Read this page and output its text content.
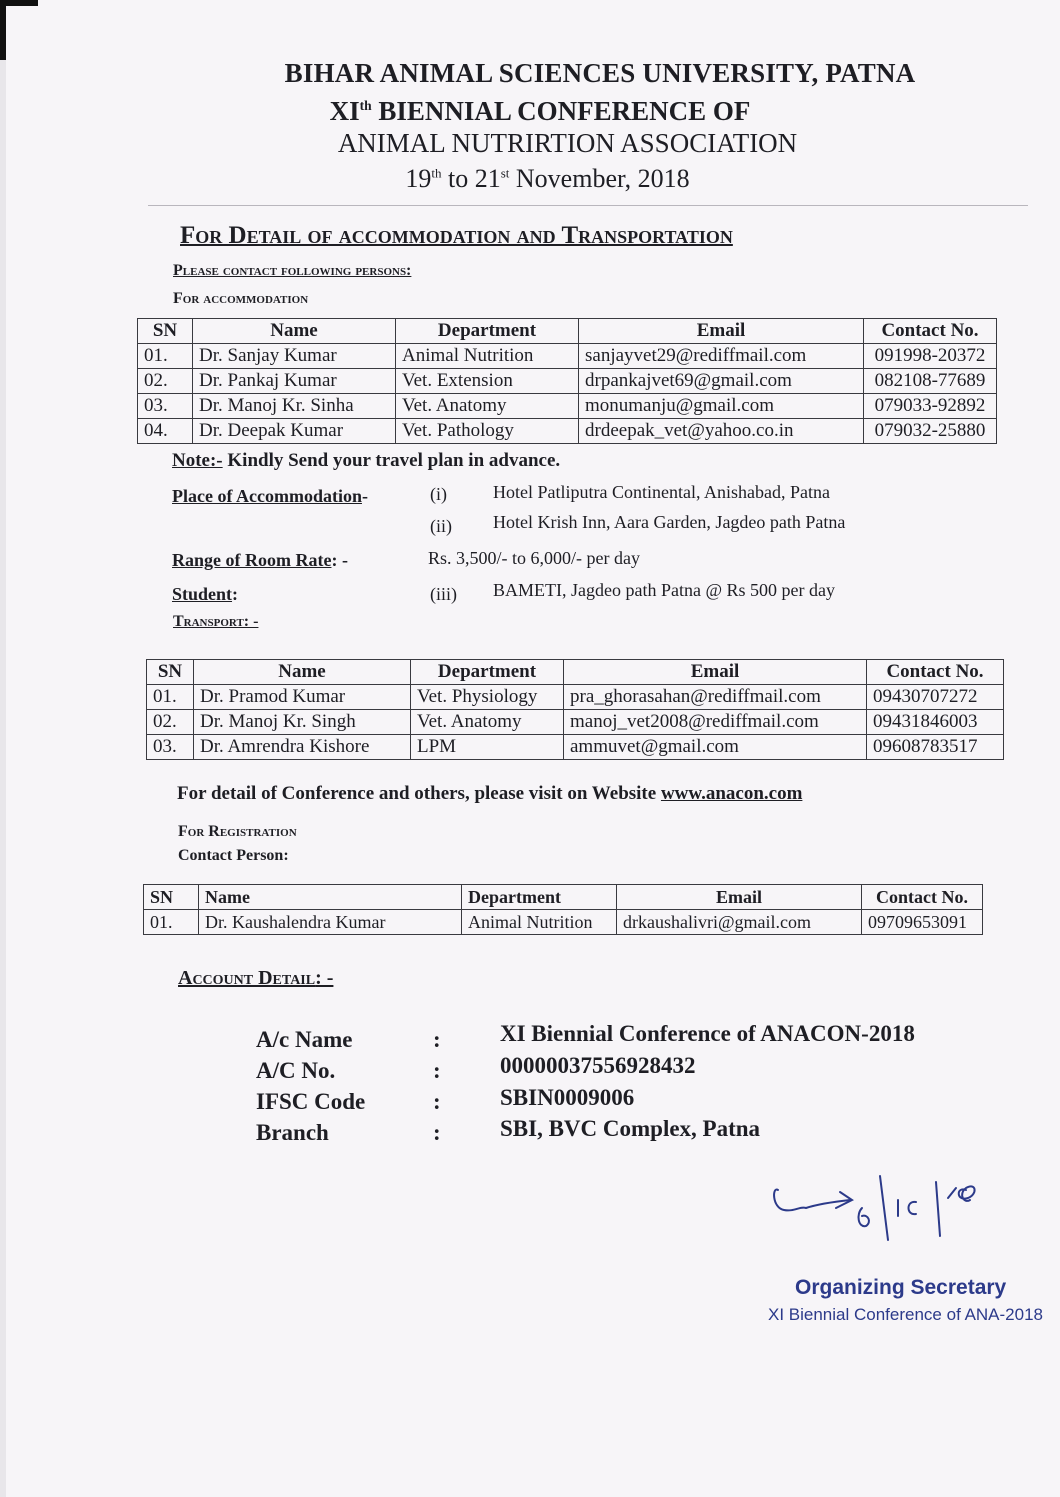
BIHAR ANIMAL SCIENCES UNIVERSITY, PATNA
XIth BIENNIAL CONFERENCE OF
ANIMAL NUTRIRTION ASSOCIATION
19th to 21st November, 2018
For Detail of accommodation and Transportation
Please contact following persons:
For accommodation
SN	Name	Department	Email	Contact No.
01.	Dr. Sanjay Kumar	Animal Nutrition	sanjayvet29@rediffmail.com	091998-20372
02.	Dr. Pankaj Kumar	Vet. Extension	drpankajvet69@gmail.com	082108-77689
03.	Dr. Manoj Kr. Sinha	Vet. Anatomy	monumanju@gmail.com	079033-92892
04.	Dr. Deepak Kumar	Vet. Pathology	drdeepak_vet@yahoo.co.in	079032-25880
Note:- Kindly Send your travel plan in advance.
Place of Accommodation-	(i)	Hotel Patliputra Continental, Anishabad, Patna
(ii) Hotel Krish Inn, Aara Garden, Jagdeo path Patna
Range of Room Rate: -	Rs. 3,500/- to 6,000/- per day
Student:	(iii) BAMETI, Jagdeo path Patna @ Rs 500 per day
Transport: -
SN	Name	Department	Email	Contact No.
01.	Dr. Pramod Kumar	Vet. Physiology	pra_ghorasahan@rediffmail.com	09430707272
02.	Dr. Manoj Kr. Singh	Vet. Anatomy	manoj_vet2008@rediffmail.com	09431846003
03.	Dr. Amrendra Kishore	LPM	ammuvet@gmail.com	09608783517
For detail of Conference and others, please visit on Website www.anacon.com
For Registration
Contact Person:
SN	Name	Department	Email	Contact No.
01.	Dr. Kaushalendra Kumar	Animal Nutrition	drkaushalivri@gmail.com	09709653091
Account Detail: -
A/c Name	:	XI Biennial Conference of ANACON-2018
A/C No.	:	00000037556928432
IFSC Code	:	SBIN0009006
Branch	:	SBI, BVC Complex, Patna
Organizing Secretary
XI Biennial Conference of ANA-2018
